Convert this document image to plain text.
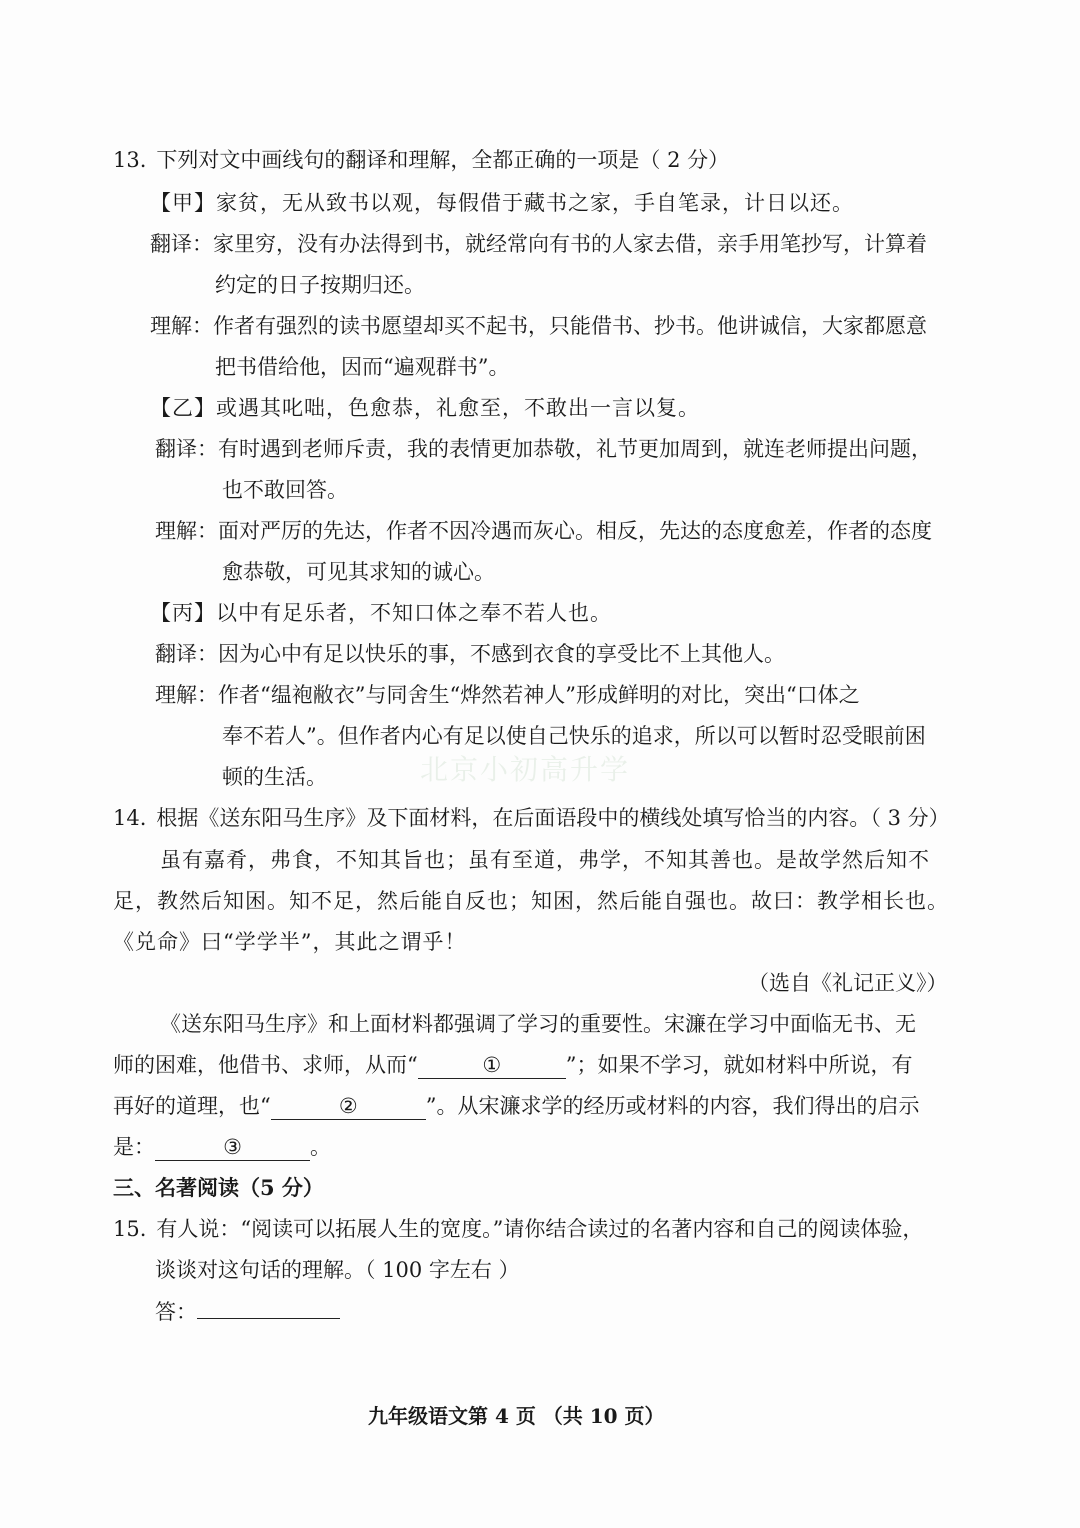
13. 下列对文中画线句的翻译和理解，全都正确的一项是（ 2 分）
【甲】家贫，无从致书以观，每假借于藏书之家，手自笔录，计日以还。
翻译：家里穷，没有办法得到书，就经常向有书的人家去借，亲手用笔抄写，计算着
约定的日子按期归还。
理解：作者有强烈的读书愿望却买不起书，只能借书、抄书。他讲诚信，大家都愿意
把书借给他，因而“遍观群书”。
【乙】或遇其叱咄，色愈恭，礼愈至，不敢出一言以复。
翻译：有时遇到老师斥责，我的表情更加恭敬，礼节更加周到，就连老师提出问题，
也不敢回答。
理解：面对严厉的先达，作者不因冷遇而灰心。相反，先达的态度愈差，作者的态度
愈恭敬，可见其求知的诚心。
【丙】以中有足乐者，不知口体之奉不若人也。
翻译：因为心中有足以快乐的事，不感到衣食的享受比不上其他人。
理解：作者“缊袍敝衣”与同舍生“烨然若神人”形成鲜明的对比，突出“口体之
奉不若人”。但作者内心有足以使自己快乐的追求，所以可以暂时忍受眼前困
顿的生活。	北京小初高升学
14. 根据《送东阳马生序》及下面材料，在后面语段中的横线处填写恰当的内容。（ 3 分）
虽有嘉肴，弗食，不知其旨也；虽有至道，弗学，不知其善也。是故学然后知不
足，教然后知困。知不足，然后能自反也；知困，然后能自强也。故曰：教学相长也。
《兑命》曰“学学半”，其此之谓乎！
（选自《礼记正义》）
《送东阳马生序》和上面材料都强调了学习的重要性。宋濂在学习中面临无书、无
师的困难，他借书、求师，从而“	①	”；如果不学习，就如材料中所说，有
再好的道理，也“	②	”。从宋濂求学的经历或材料的内容，我们得出的启示
是：	③	。
三、名著阅读（5 分）
15. 有人说：“阅读可以拓展人生的宽度。”请你结合读过的名著内容和自己的阅读体验，
谈谈对这句话的理解。（ 100 字左右 ）
答：
九年级语文第 4 页 （共 10 页）
